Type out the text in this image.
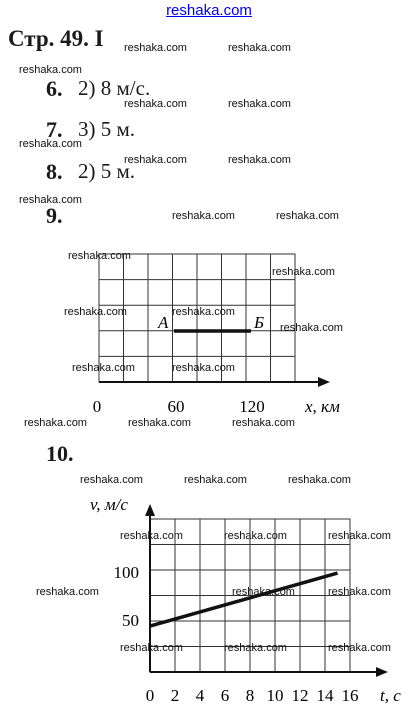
reshaka.com
Стр. 49. I
6. 2) 8 м/с.
7. 3) 5 м.
8. 2) 5 м.
9.
А	Б
0	60	120 x, км
10.
v, м/с
100
50
0 2 4 6 8 10 12 14 16 t, с
reshaka.com	reshaka.com
reshaka.com
reshaka.com	reshaka.com
reshaka.com
reshaka.com	reshaka.com
reshaka.com
reshaka.com	reshaka.com
reshaka.com
reshaka.com
reshaka.com	reshaka.com
reshaka.com
reshaka.com	reshaka.com
reshaka.com	reshaka.com	reshaka.com
reshaka.com	reshaka.com	reshaka.com
reshaka.com	reshaka.com	reshaka.com
reshaka.com	reshaka.com	reshaka.com
reshaka.com	reshaka.com	reshaka.com
